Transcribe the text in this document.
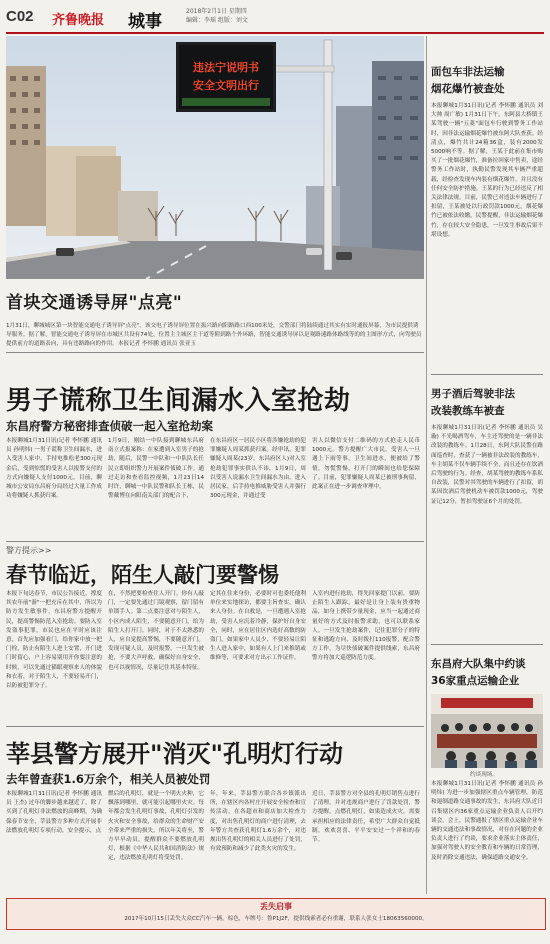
C02 齐鲁晚报 城事
2018年2月1日 星期四
编辑：李瑶 组版：刘文
违法宁说明书
安全文明出行
首块交通诱导屏"点亮"
1月31日，聊城城区第一块智能交通电子诱导屏"点亮"，该交电子诱导屏位置在振兴路向阳路路口西100米处，交警部门将陆续通过其实有实时通报屏幕，为市民提供诱导服务。据了解，智能交通电子诱导屏在市城区共设有74处，位置主主城区主干道等附到路个外环路，智能交通诱导屏以是观路速路体路线等的的主图形方式，向驾驶员提供前方的道路表向，具有违路路向的作用。本报记者 李怀鹏 通讯员 张亚玉
男子谎称卫生间漏水入室抢劫
东昌府警方秘密排查侦破一起入室抢劫案
本报聊城1月31日讯(记者 李怀鹏 通讯员 孙明炜) 一男子谎称卫生间漏水，进入受害人家中，手持电推松老300元现金后，受到惊慌的受害人以报警支付的方式向嫌疑人支付1000元。目前，聊城市公安局东昌府分局经过大量工作成功将嫌疑人抓获归案。
1月9日，刚结一中队接到聊城东昌府南立式报案称：在家遭到入室男子的抢劫，随后，民警一中队和一中队队长任民立即组织警力开展案件侦破工作。通过走访和查看监控视频，1月23日14时许，聊城一中队民警和队长王栋，民警戴博在向阳南关部门的配合下，
在东昌府区一居民小区将涉嫌抢劫的犯罪嫌疑人周某抓获归案。经审讯，犯罪嫌疑人周某(23岁，东昌府区人)对入室抢劫犯罪事实供认不讳，1月9日，周以受害人说漏水卫生间漏水为由，进入居民家，后手持电推威胁受害人并强行300元现金，并通过受
害人以微信支付二维码的方式抢走人民币1000元。警方提醒广大市民，受害人一旦遇上下雨等事，卫生间进水，便被给了警情，勿慌警惕，打开门的瞬间也给您保障了。目前，犯罪嫌疑人周某已被刑事拘留，此案正在进一步调查审理中。
警方提示>>
春节临近，陌生人敲门要警惕
本报下旬达春节，市民公告接近，撑度其农年前"游"一把充斥在其中，所以为防方发生敏事件，东昌府警方提醒开民，提高警惕防范入室抢劫。要防入室发盗事犯罪，市民也应在平时应该注意，首先应加强看门，给你家中放一把门栓，防止有陌生人进上安置，开门进门时留心，户上容易别用开你要注意的时候，可以先通过猫眼观察来人的体貌和衣着，对于陌生人，不要轻易开门，以防被犯罪分子。
在，不然把要检查住人开门。你有人敲门，一定要先通过门镜观察，留门留有单锁手人。第二点要注意对与陌生人，小区内成人陌生，不要随意开门，给为陌生人打开门。同时，对于不太熟悉的人，应自觉提高警惕，不要随意开门。发现可疑人员，及时报警，一旦发生被抢，不要大声呼救，确保好自身安全，也可以视情况，尽量记住其基本特征。
定其在住来身份，必要时可也委托他利单位来实地探访，都要主旨查实，确认来人身份。在自救是，一旦遭遇入室抢劫，受害人应沉着冷静，保护好自身安全，同时，应在居住区内选好高数的防盗门，如果家中人员少，不要轻易让陌生人进入家中，如果有人上门来推销或维修等，可要求对方出示工作证件。
入室内进行抢劫，得先回家提门以前，要防止陌生人跟踪，最好是让身上装有贵重物品，如身上携带少量现金，应当一起通过商量好的方式及时报警求助，也可以联系家人。一旦发生抢劫案件，记住犯罪分子的特征和逃跑方向，及时拨打110报警，配合警方工作，为尽快侦破案件提供线索，东昌府警方将加大巡逻防范力度。
莘县警方展开"消灭"孔明灯行动
去年曾查获1.6万余个，相关人员被处罚
本报聊城1月31日讯(记者 李怀鹏 通讯员 王杰) 过年的脚步越来越近了，除了买到了孔明灯非法燃放的高峰期，为确保春节安全，莘县警方多种方式开展非法燃放孔明灯专项行动，安全提示，点
燃后的孔明灯，就是一个明火火种，它飘落到哪里，就可能引起哪里火灾。每年都会发生孔明灯事故，孔明灯引发的火灾和安全事故，给群众的生命财产安全带来严重的损失。所以年关将至，警方早早动员，提醒群众不要燃放孔明灯，根据《中华人民共和国消防法》规定，违法燃放孔明灯将受处罚。
年，年来。莘县警方联合各乡镇派出所，在辖区内各村庄开展安全检查和宣传活动，在各超市和商店加大检查力度，对出售孔明灯的商户进行清理，去年警方共查获孔明灯1.6万余个，对违规出售孔明灯的相关人员进行了处罚，有效预防和减少了此类火灾的发生。
近日，莘县警方对全县的孔明灯销售点进行了清理，并对违规商户进行了罚款处罚，警方提醒，点燃孔明灯，如果造成火灾，需要承担相应的法律责任，希望广大群众自觉抵制，欢欢喜喜、平平安安过一个祥和的春节。
面包车非法运输
烟花爆竹被查处
本报聊城1月31日讯(记者 李怀鹏 通讯员 刘大帅 周广敏) 1月31日下午，东阿县大桥镇王某驾驶一辆"五菱"面包车行驶到警务工作站时，因非法运输烟花爆竹被东阿大队查获。经清点，爆竹共计24箱36盒，装有2000发5000响不等。据了解，王某于此前在集市购买了一批烟花爆竹，准备拉回家中售卖，途经警务工作站时，执勤民警发现其车辆严重超载，经检查发现车内装有烟花爆竹，并且没有任何安全防护措施。王某的行为已经违反了相关法律法规，目前，民警已对违法车辆进行了扣留，王某被处以行政罚款1000元，烟花爆竹已被依法收缴。民警提醒，非法运输烟花爆竹，存在较大安全隐患，一旦发生事故后果不堪设想。
男子酒后驾驶非法
改装教练车被查
本报聊城1月31日讯(记者 李怀鹏 通讯员 吴璇) 不光喝酒驾车，车主还驾驶的是一辆非法改装的教练车。1月28日，东阿大队民警在路面巡查时，查获了一辆被非法改装的教练车，车主胡某不仅车辆手续不全，而且还存在饮酒后驾驶的行为。经查，胡某驾驶的教练车系私自改装，民警对其驾驶的车辆进行了扣留，胡某因饮酒后驾驶机动车被罚款1000元，驾驶证记12分，暂扣驾驶证6个月的处罚。
东昌府大队集中约谈
36家重点运输企业
约谈现场。
本报聊城1月31日讯(记者 李怀鹏 通讯员 孙明炜) 为进一步加强辖区重点车辆管理，防范和遏制道路交通事故的发生，东昌府大队近日召集辖区内36家重点运输企业负责人召开约谈会。会上，民警通报了辖区重点运输企业车辆的交通违法和事故情况，对存在问题的企业负责人进行了约谈，要求企业落实主体责任，加强对驾驶人的安全教育和车辆的日常管理，及时消除交通违法，确保道路交通安全。
丢失启事
2017年10月15日丢失大众CC汽车一辆，棕色，车牌号：鲁P1J2F，提供线索者必有重谢，联系人张女士18063560000。
